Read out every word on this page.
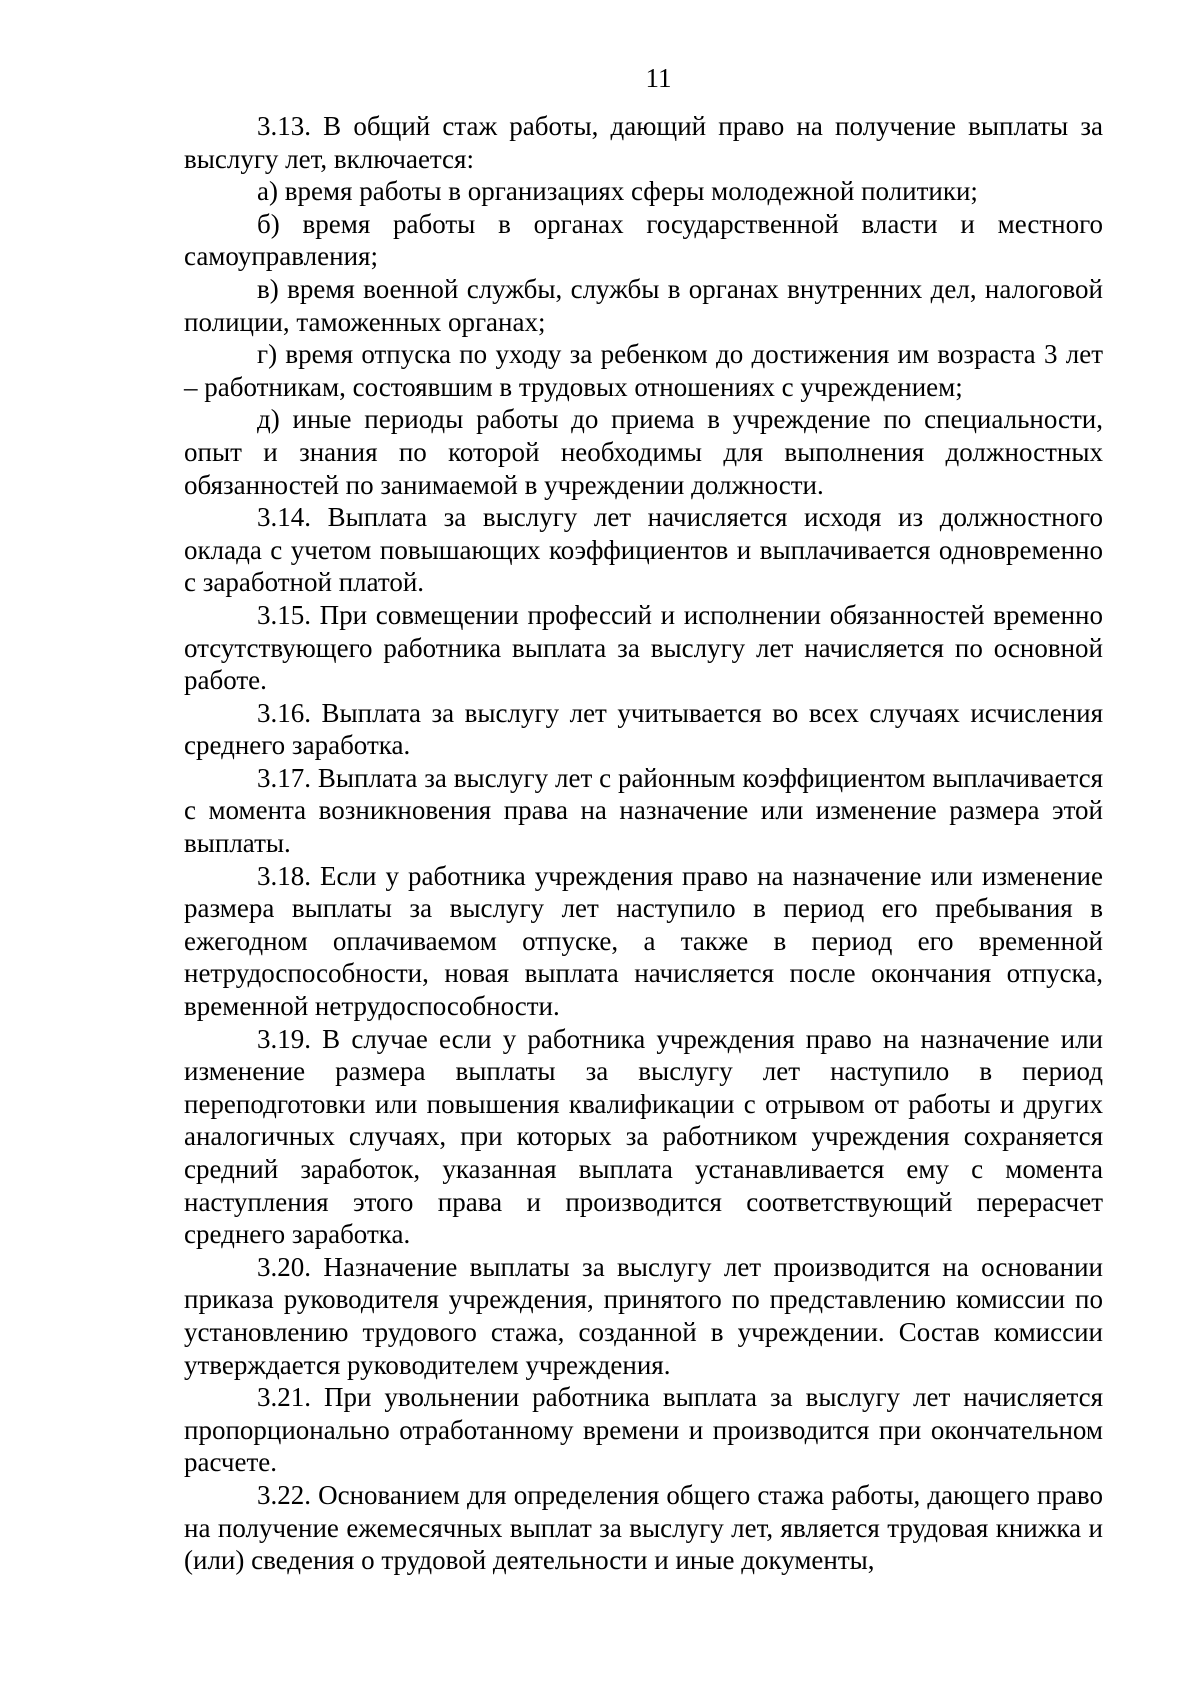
11

3.13. В общий стаж работы, дающий право на получение выплаты за выслугу лет, включается:

а) время работы в организациях сферы молодежной политики;

б) время работы в органах государственной власти и местного самоуправления;

в) время военной службы, службы в органах внутренних дел, налоговой полиции, таможенных органах;

г) время отпуска по уходу за ребенком до достижения им возраста 3 лет – работникам, состоявшим в трудовых отношениях с учреждением;

д) иные периоды работы до приема в учреждение по специальности, опыт и знания по которой необходимы для выполнения должностных обязанностей по занимаемой в учреждении должности.

3.14. Выплата за выслугу лет начисляется исходя из должностного оклада с учетом повышающих коэффициентов и выплачивается одновременно с заработной платой.

3.15. При совмещении профессий и исполнении обязанностей временно отсутствующего работника выплата за выслугу лет начисляется по основной работе.

3.16. Выплата за выслугу лет учитывается во всех случаях исчисления среднего заработка.

3.17. Выплата за выслугу лет с районным коэффициентом выплачивается с момента возникновения права на назначение или изменение размера этой выплаты.

3.18. Если у работника учреждения право на назначение или изменение размера выплаты за выслугу лет наступило в период его пребывания в ежегодном оплачиваемом отпуске, а также в период его временной нетрудоспособности, новая выплата начисляется после окончания отпуска, временной нетрудоспособности.

3.19. В случае если у работника учреждения право на назначение или изменение размера выплаты за выслугу лет наступило в период переподготовки или повышения квалификации с отрывом от работы и других аналогичных случаях, при которых за работником учреждения сохраняется средний заработок, указанная выплата устанавливается ему с момента наступления этого права и производится соответствующий перерасчет среднего заработка.

3.20. Назначение выплаты за выслугу лет производится на основании приказа руководителя учреждения, принятого по представлению комиссии по установлению трудового стажа, созданной в учреждении. Состав комиссии утверждается руководителем учреждения.

3.21. При увольнении работника выплата за выслугу лет начисляется пропорционально отработанному времени и производится при окончательном расчете.

3.22. Основанием для определения общего стажа работы, дающего право на получение ежемесячных выплат за выслугу лет, является трудовая книжка и (или) сведения о трудовой деятельности и иные документы,
